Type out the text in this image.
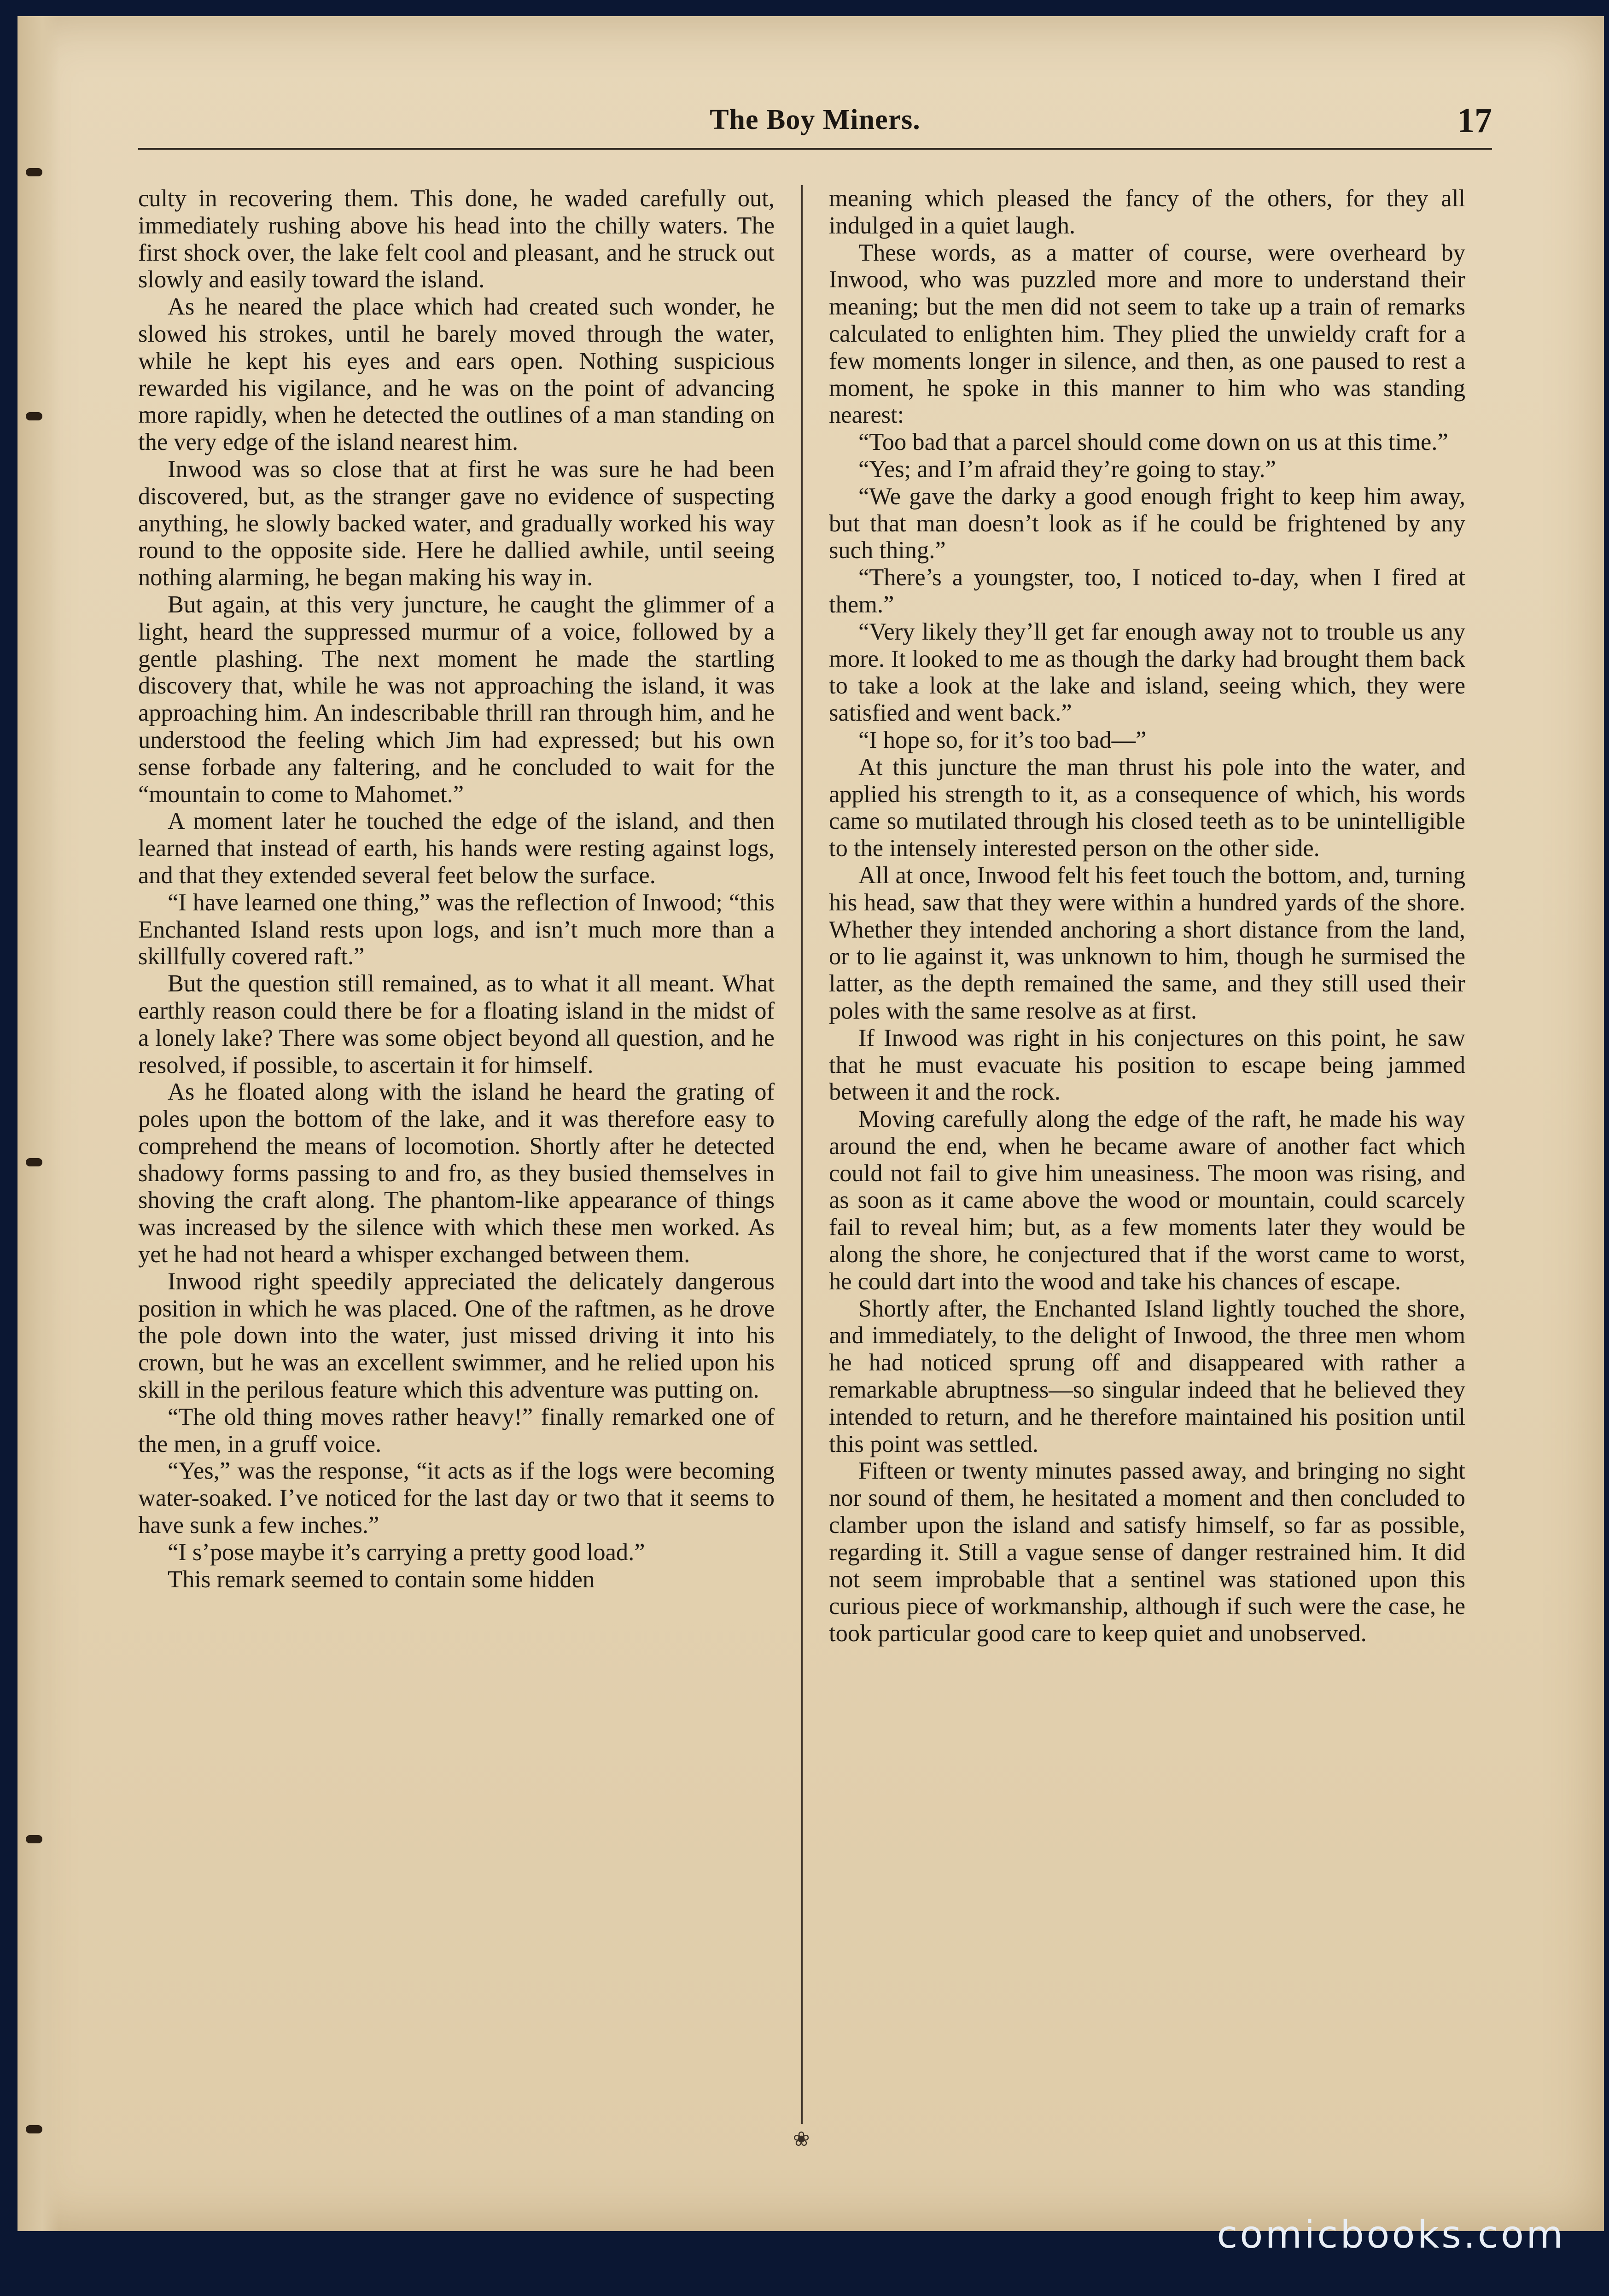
The Boy Miners.	17

culty in recovering them. This done, he waded carefully out, immediately rushing above his head into the chilly waters. The first shock over, the lake felt cool and pleasant, and he struck out slowly and easily toward the island.

As he neared the place which had created such wonder, he slowed his strokes, until he barely moved through the water, while he kept his eyes and ears open. Nothing suspicious rewarded his vigilance, and he was on the point of advancing more rapidly, when he detected the outlines of a man standing on the very edge of the island nearest him.

Inwood was so close that at first he was sure he had been discovered, but, as the stranger gave no evidence of suspecting anything, he slowly backed water, and gradually worked his way round to the opposite side. Here he dallied awhile, until seeing nothing alarming, he began making his way in.

But again, at this very juncture, he caught the glimmer of a light, heard the suppressed murmur of a voice, followed by a gentle plashing. The next moment he made the startling discovery that, while he was not approaching the island, it was approaching him. An indescribable thrill ran through him, and he understood the feeling which Jim had expressed; but his own sense forbade any faltering, and he concluded to wait for the “mountain to come to Mahomet.”

A moment later he touched the edge of the island, and then learned that instead of earth, his hands were resting against logs, and that they extended several feet below the surface.

“I have learned one thing,” was the reflection of Inwood; “this Enchanted Island rests upon logs, and isn’t much more than a skillfully covered raft.”

But the question still remained, as to what it all meant. What earthly reason could there be for a floating island in the midst of a lonely lake? There was some object beyond all question, and he resolved, if possible, to ascertain it for himself.

As he floated along with the island he heard the grating of poles upon the bottom of the lake, and it was therefore easy to comprehend the means of locomotion. Shortly after he detected shadowy forms passing to and fro, as they busied themselves in shoving the craft along. The phantom-like appearance of things was increased by the silence with which these men worked. As yet he had not heard a whisper exchanged between them.

Inwood right speedily appreciated the delicately dangerous position in which he was placed. One of the raftmen, as he drove the pole down into the water, just missed driving it into his crown, but he was an excellent swimmer, and he relied upon his skill in the perilous feature which this adventure was putting on.

“The old thing moves rather heavy!” finally remarked one of the men, in a gruff voice.

“Yes,” was the response, “it acts as if the logs were becoming water-soaked. I’ve noticed for the last day or two that it seems to have sunk a few inches.”

“I s’pose maybe it’s carrying a pretty good load.”

This remark seemed to contain some hidden

meaning which pleased the fancy of the others, for they all indulged in a quiet laugh.

These words, as a matter of course, were overheard by Inwood, who was puzzled more and more to understand their meaning; but the men did not seem to take up a train of remarks calculated to enlighten him. They plied the unwieldy craft for a few moments longer in silence, and then, as one paused to rest a moment, he spoke in this manner to him who was standing nearest:

“Too bad that a parcel should come down on us at this time.”

“Yes; and I’m afraid they’re going to stay.”

“We gave the darky a good enough fright to keep him away, but that man doesn’t look as if he could be frightened by any such thing.”

“There’s a youngster, too, I noticed to-day, when I fired at them.”

“Very likely they’ll get far enough away not to trouble us any more. It looked to me as though the darky had brought them back to take a look at the lake and island, seeing which, they were satisfied and went back.”

“I hope so, for it’s too bad—”

At this juncture the man thrust his pole into the water, and applied his strength to it, as a consequence of which, his words came so mutilated through his closed teeth as to be unintelligible to the intensely interested person on the other side.

All at once, Inwood felt his feet touch the bottom, and, turning his head, saw that they were within a hundred yards of the shore. Whether they intended anchoring a short distance from the land, or to lie against it, was unknown to him, though he surmised the latter, as the depth remained the same, and they still used their poles with the same resolve as at first.

If Inwood was right in his conjectures on this point, he saw that he must evacuate his position to escape being jammed between it and the rock.

Moving carefully along the edge of the raft, he made his way around the end, when he became aware of another fact which could not fail to give him uneasiness. The moon was rising, and as soon as it came above the wood or mountain, could scarcely fail to reveal him; but, as a few moments later they would be along the shore, he conjectured that if the worst came to worst, he could dart into the wood and take his chances of escape.

Shortly after, the Enchanted Island lightly touched the shore, and immediately, to the delight of Inwood, the three men whom he had noticed sprung off and disappeared with rather a remarkable abruptness—so singular indeed that he believed they intended to return, and he therefore maintained his position until this point was settled.

Fifteen or twenty minutes passed away, and bringing no sight nor sound of them, he hesitated a moment and then concluded to clamber upon the island and satisfy himself, so far as possible, regarding it. Still a vague sense of danger restrained him. It did not seem improbable that a sentinel was stationed upon this curious piece of workmanship, although if such were the case, he took particular good care to keep quiet and unobserved.

❀
comicbooks.com
